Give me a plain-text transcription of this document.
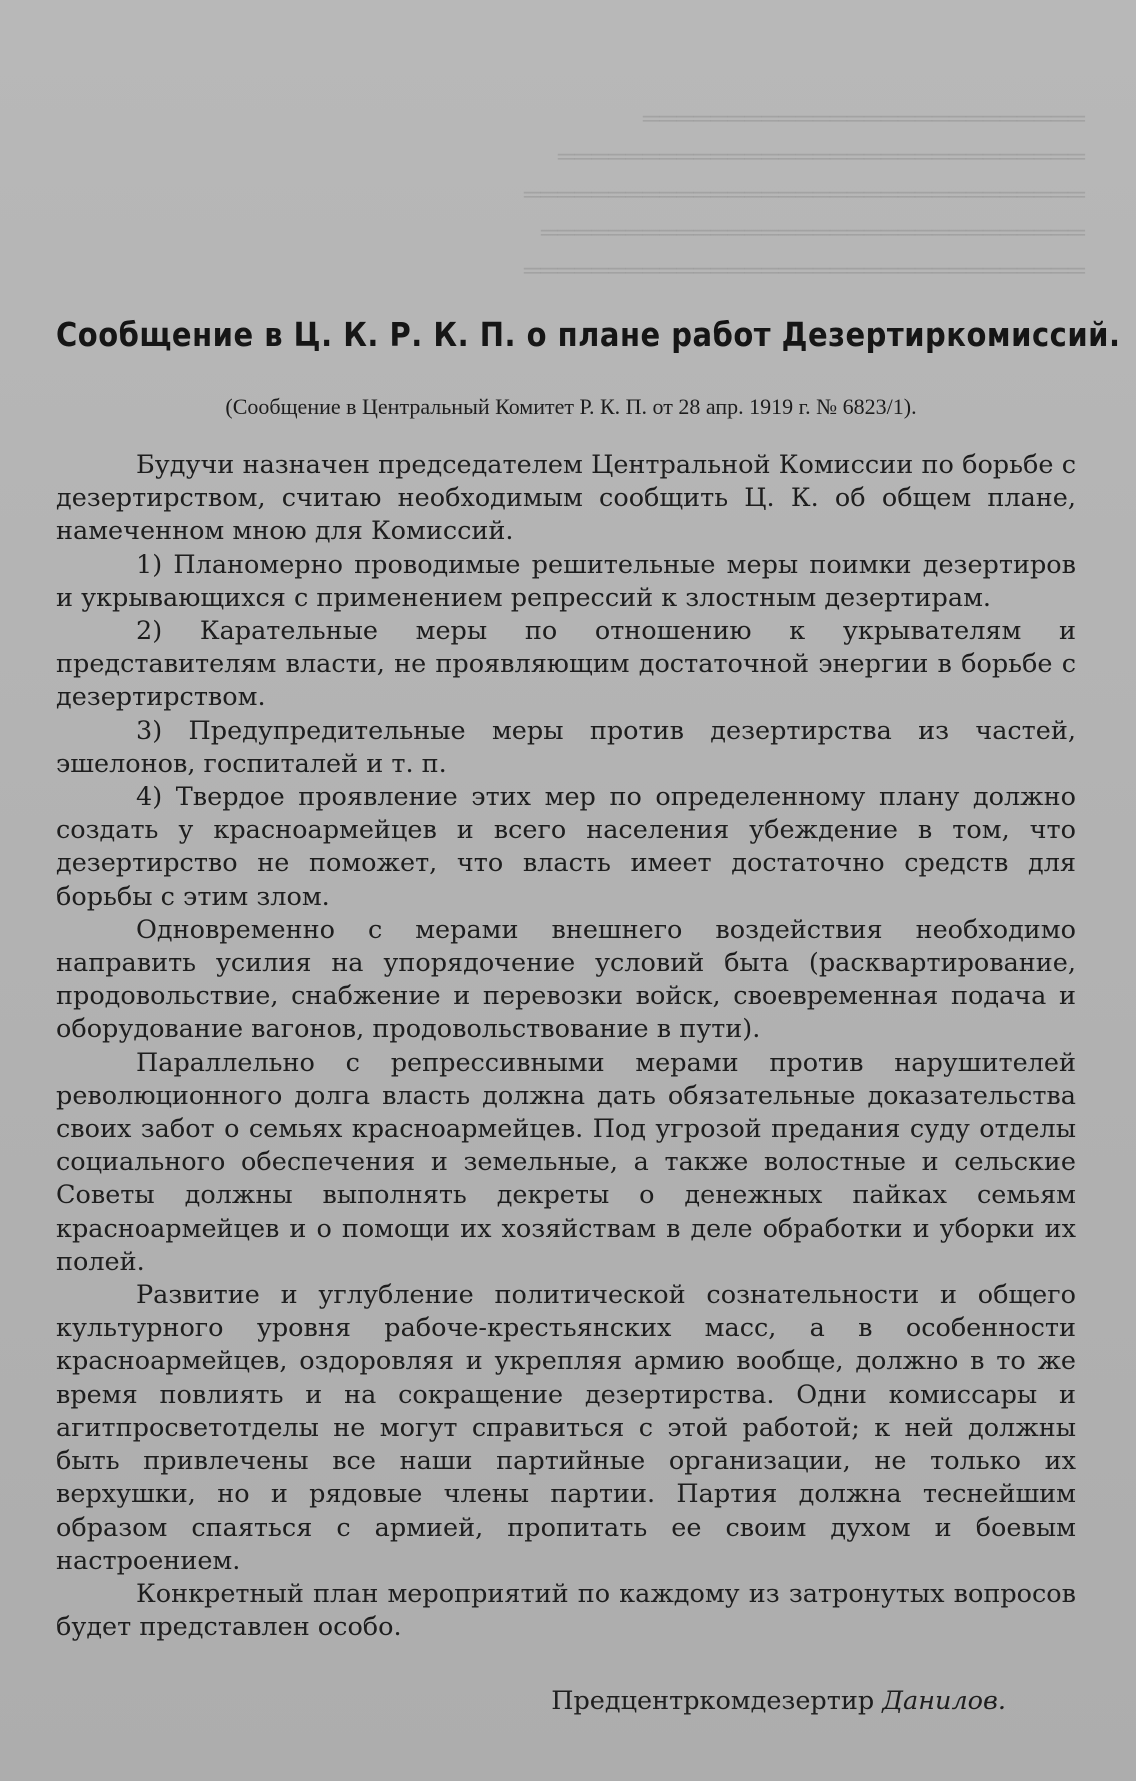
══════════════════════════
═══════════════════════════════
═════════════════════════════════
════════════════════════════════
═════════════════════════════════
Сообщение в Ц. К. Р. К. П. о плане работ Дезертиркомиссий.
(Сообщение в Центральный Комитет Р. К. П. от 28 апр. 1919 г. № 6823/1).

Будучи назначен председателем Центральной Комиссии по борьбе с дезертирством, считаю необходимым сообщить Ц. К. об общем плане, намеченном мною для Комиссий.

1) Планомерно проводимые решительные меры поимки дезертиров и укрывающихся с применением репрессий к злостным дезертирам.

2) Карательные меры по отношению к укрывателям и представителям власти, не проявляющим достаточной энергии в борьбе с дезертирством.

3) Предупредительные меры против дезертирства из частей, эшелонов, госпиталей и т. п.

4) Твердое проявление этих мер по определенному плану должно создать у красноармейцев и всего населения убеждение в том, что дезертирство не поможет, что власть имеет достаточно средств для борьбы с этим злом.

Одновременно с мерами внешнего воздействия необходимо направить усилия на упорядочение условий быта (расквартирование, продовольствие, снабжение и перевозки войск, своевременная подача и оборудование вагонов, продовольствование в пути).

Параллельно с репрессивными мерами против нарушителей революционного долга власть должна дать обязательные доказательства своих забот о семьях красноармейцев. Под угрозой предания суду отделы социального обеспечения и земельные, а также волостные и сельские Советы должны выполнять декреты о денежных пайках семьям красноармейцев и о помощи их хозяйствам в деле обработки и уборки их полей.

Развитие и углубление политической сознательности и общего культурного уровня рабоче-крестьянских масс, а в особенности красноармейцев, оздоровляя и укрепляя армию вообще, должно в то же время повлиять и на сокращение дезертирства. Одни комиссары и агитпросветотделы не могут справиться с этой работой; к ней должны быть привлечены все наши партийные организации, не только их верхушки, но и рядовые члены партии. Партия должна теснейшим образом спаяться с армией, пропитать ее своим духом и боевым настроением.

Конкретный план мероприятий по каждому из затронутых вопросов будет представлен особо.

Предцентркомдезертир Данилов.
